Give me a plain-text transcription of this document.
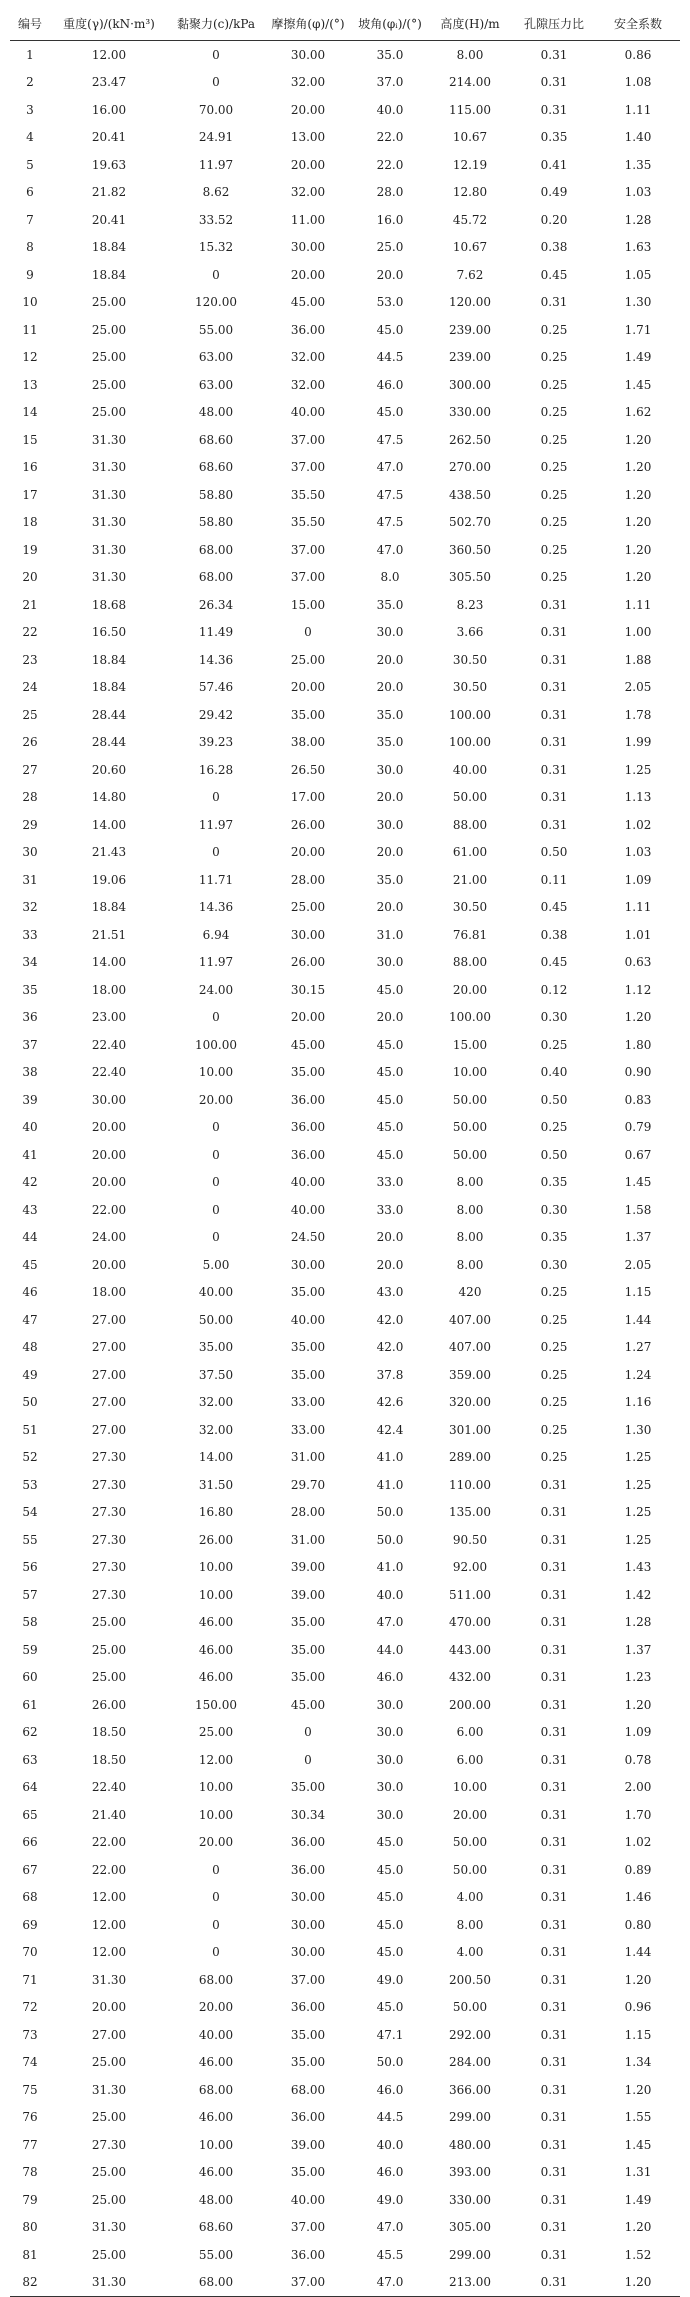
编号	重度(γ)/(kN·m³)	黏聚力(c)/kPa	摩擦角(φ)/(°)	坡角(φᵢ)/(°)	高度(H)/m	孔隙压力比	安全系数
1	12.00	0	30.00	35.0	8.00	0.31	0.86
2	23.47	0	32.00	37.0	214.00	0.31	1.08
3	16.00	70.00	20.00	40.0	115.00	0.31	1.11
4	20.41	24.91	13.00	22.0	10.67	0.35	1.40
5	19.63	11.97	20.00	22.0	12.19	0.41	1.35
6	21.82	8.62	32.00	28.0	12.80	0.49	1.03
7	20.41	33.52	11.00	16.0	45.72	0.20	1.28
8	18.84	15.32	30.00	25.0	10.67	0.38	1.63
9	18.84	0	20.00	20.0	7.62	0.45	1.05
10	25.00	120.00	45.00	53.0	120.00	0.31	1.30
11	25.00	55.00	36.00	45.0	239.00	0.25	1.71
12	25.00	63.00	32.00	44.5	239.00	0.25	1.49
13	25.00	63.00	32.00	46.0	300.00	0.25	1.45
14	25.00	48.00	40.00	45.0	330.00	0.25	1.62
15	31.30	68.60	37.00	47.5	262.50	0.25	1.20
16	31.30	68.60	37.00	47.0	270.00	0.25	1.20
17	31.30	58.80	35.50	47.5	438.50	0.25	1.20
18	31.30	58.80	35.50	47.5	502.70	0.25	1.20
19	31.30	68.00	37.00	47.0	360.50	0.25	1.20
20	31.30	68.00	37.00	8.0	305.50	0.25	1.20
21	18.68	26.34	15.00	35.0	8.23	0.31	1.11
22	16.50	11.49	0	30.0	3.66	0.31	1.00
23	18.84	14.36	25.00	20.0	30.50	0.31	1.88
24	18.84	57.46	20.00	20.0	30.50	0.31	2.05
25	28.44	29.42	35.00	35.0	100.00	0.31	1.78
26	28.44	39.23	38.00	35.0	100.00	0.31	1.99
27	20.60	16.28	26.50	30.0	40.00	0.31	1.25
28	14.80	0	17.00	20.0	50.00	0.31	1.13
29	14.00	11.97	26.00	30.0	88.00	0.31	1.02
30	21.43	0	20.00	20.0	61.00	0.50	1.03
31	19.06	11.71	28.00	35.0	21.00	0.11	1.09
32	18.84	14.36	25.00	20.0	30.50	0.45	1.11
33	21.51	6.94	30.00	31.0	76.81	0.38	1.01
34	14.00	11.97	26.00	30.0	88.00	0.45	0.63
35	18.00	24.00	30.15	45.0	20.00	0.12	1.12
36	23.00	0	20.00	20.0	100.00	0.30	1.20
37	22.40	100.00	45.00	45.0	15.00	0.25	1.80
38	22.40	10.00	35.00	45.0	10.00	0.40	0.90
39	30.00	20.00	36.00	45.0	50.00	0.50	0.83
40	20.00	0	36.00	45.0	50.00	0.25	0.79
41	20.00	0	36.00	45.0	50.00	0.50	0.67
42	20.00	0	40.00	33.0	8.00	0.35	1.45
43	22.00	0	40.00	33.0	8.00	0.30	1.58
44	24.00	0	24.50	20.0	8.00	0.35	1.37
45	20.00	5.00	30.00	20.0	8.00	0.30	2.05
46	18.00	40.00	35.00	43.0	420	0.25	1.15
47	27.00	50.00	40.00	42.0	407.00	0.25	1.44
48	27.00	35.00	35.00	42.0	407.00	0.25	1.27
49	27.00	37.50	35.00	37.8	359.00	0.25	1.24
50	27.00	32.00	33.00	42.6	320.00	0.25	1.16
51	27.00	32.00	33.00	42.4	301.00	0.25	1.30
52	27.30	14.00	31.00	41.0	289.00	0.25	1.25
53	27.30	31.50	29.70	41.0	110.00	0.31	1.25
54	27.30	16.80	28.00	50.0	135.00	0.31	1.25
55	27.30	26.00	31.00	50.0	90.50	0.31	1.25
56	27.30	10.00	39.00	41.0	92.00	0.31	1.43
57	27.30	10.00	39.00	40.0	511.00	0.31	1.42
58	25.00	46.00	35.00	47.0	470.00	0.31	1.28
59	25.00	46.00	35.00	44.0	443.00	0.31	1.37
60	25.00	46.00	35.00	46.0	432.00	0.31	1.23
61	26.00	150.00	45.00	30.0	200.00	0.31	1.20
62	18.50	25.00	0	30.0	6.00	0.31	1.09
63	18.50	12.00	0	30.0	6.00	0.31	0.78
64	22.40	10.00	35.00	30.0	10.00	0.31	2.00
65	21.40	10.00	30.34	30.0	20.00	0.31	1.70
66	22.00	20.00	36.00	45.0	50.00	0.31	1.02
67	22.00	0	36.00	45.0	50.00	0.31	0.89
68	12.00	0	30.00	45.0	4.00	0.31	1.46
69	12.00	0	30.00	45.0	8.00	0.31	0.80
70	12.00	0	30.00	45.0	4.00	0.31	1.44
71	31.30	68.00	37.00	49.0	200.50	0.31	1.20
72	20.00	20.00	36.00	45.0	50.00	0.31	0.96
73	27.00	40.00	35.00	47.1	292.00	0.31	1.15
74	25.00	46.00	35.00	50.0	284.00	0.31	1.34
75	31.30	68.00	68.00	46.0	366.00	0.31	1.20
76	25.00	46.00	36.00	44.5	299.00	0.31	1.55
77	27.30	10.00	39.00	40.0	480.00	0.31	1.45
78	25.00	46.00	35.00	46.0	393.00	0.31	1.31
79	25.00	48.00	40.00	49.0	330.00	0.31	1.49
80	31.30	68.60	37.00	47.0	305.00	0.31	1.20
81	25.00	55.00	36.00	45.5	299.00	0.31	1.52
82	31.30	68.00	37.00	47.0	213.00	0.31	1.20
